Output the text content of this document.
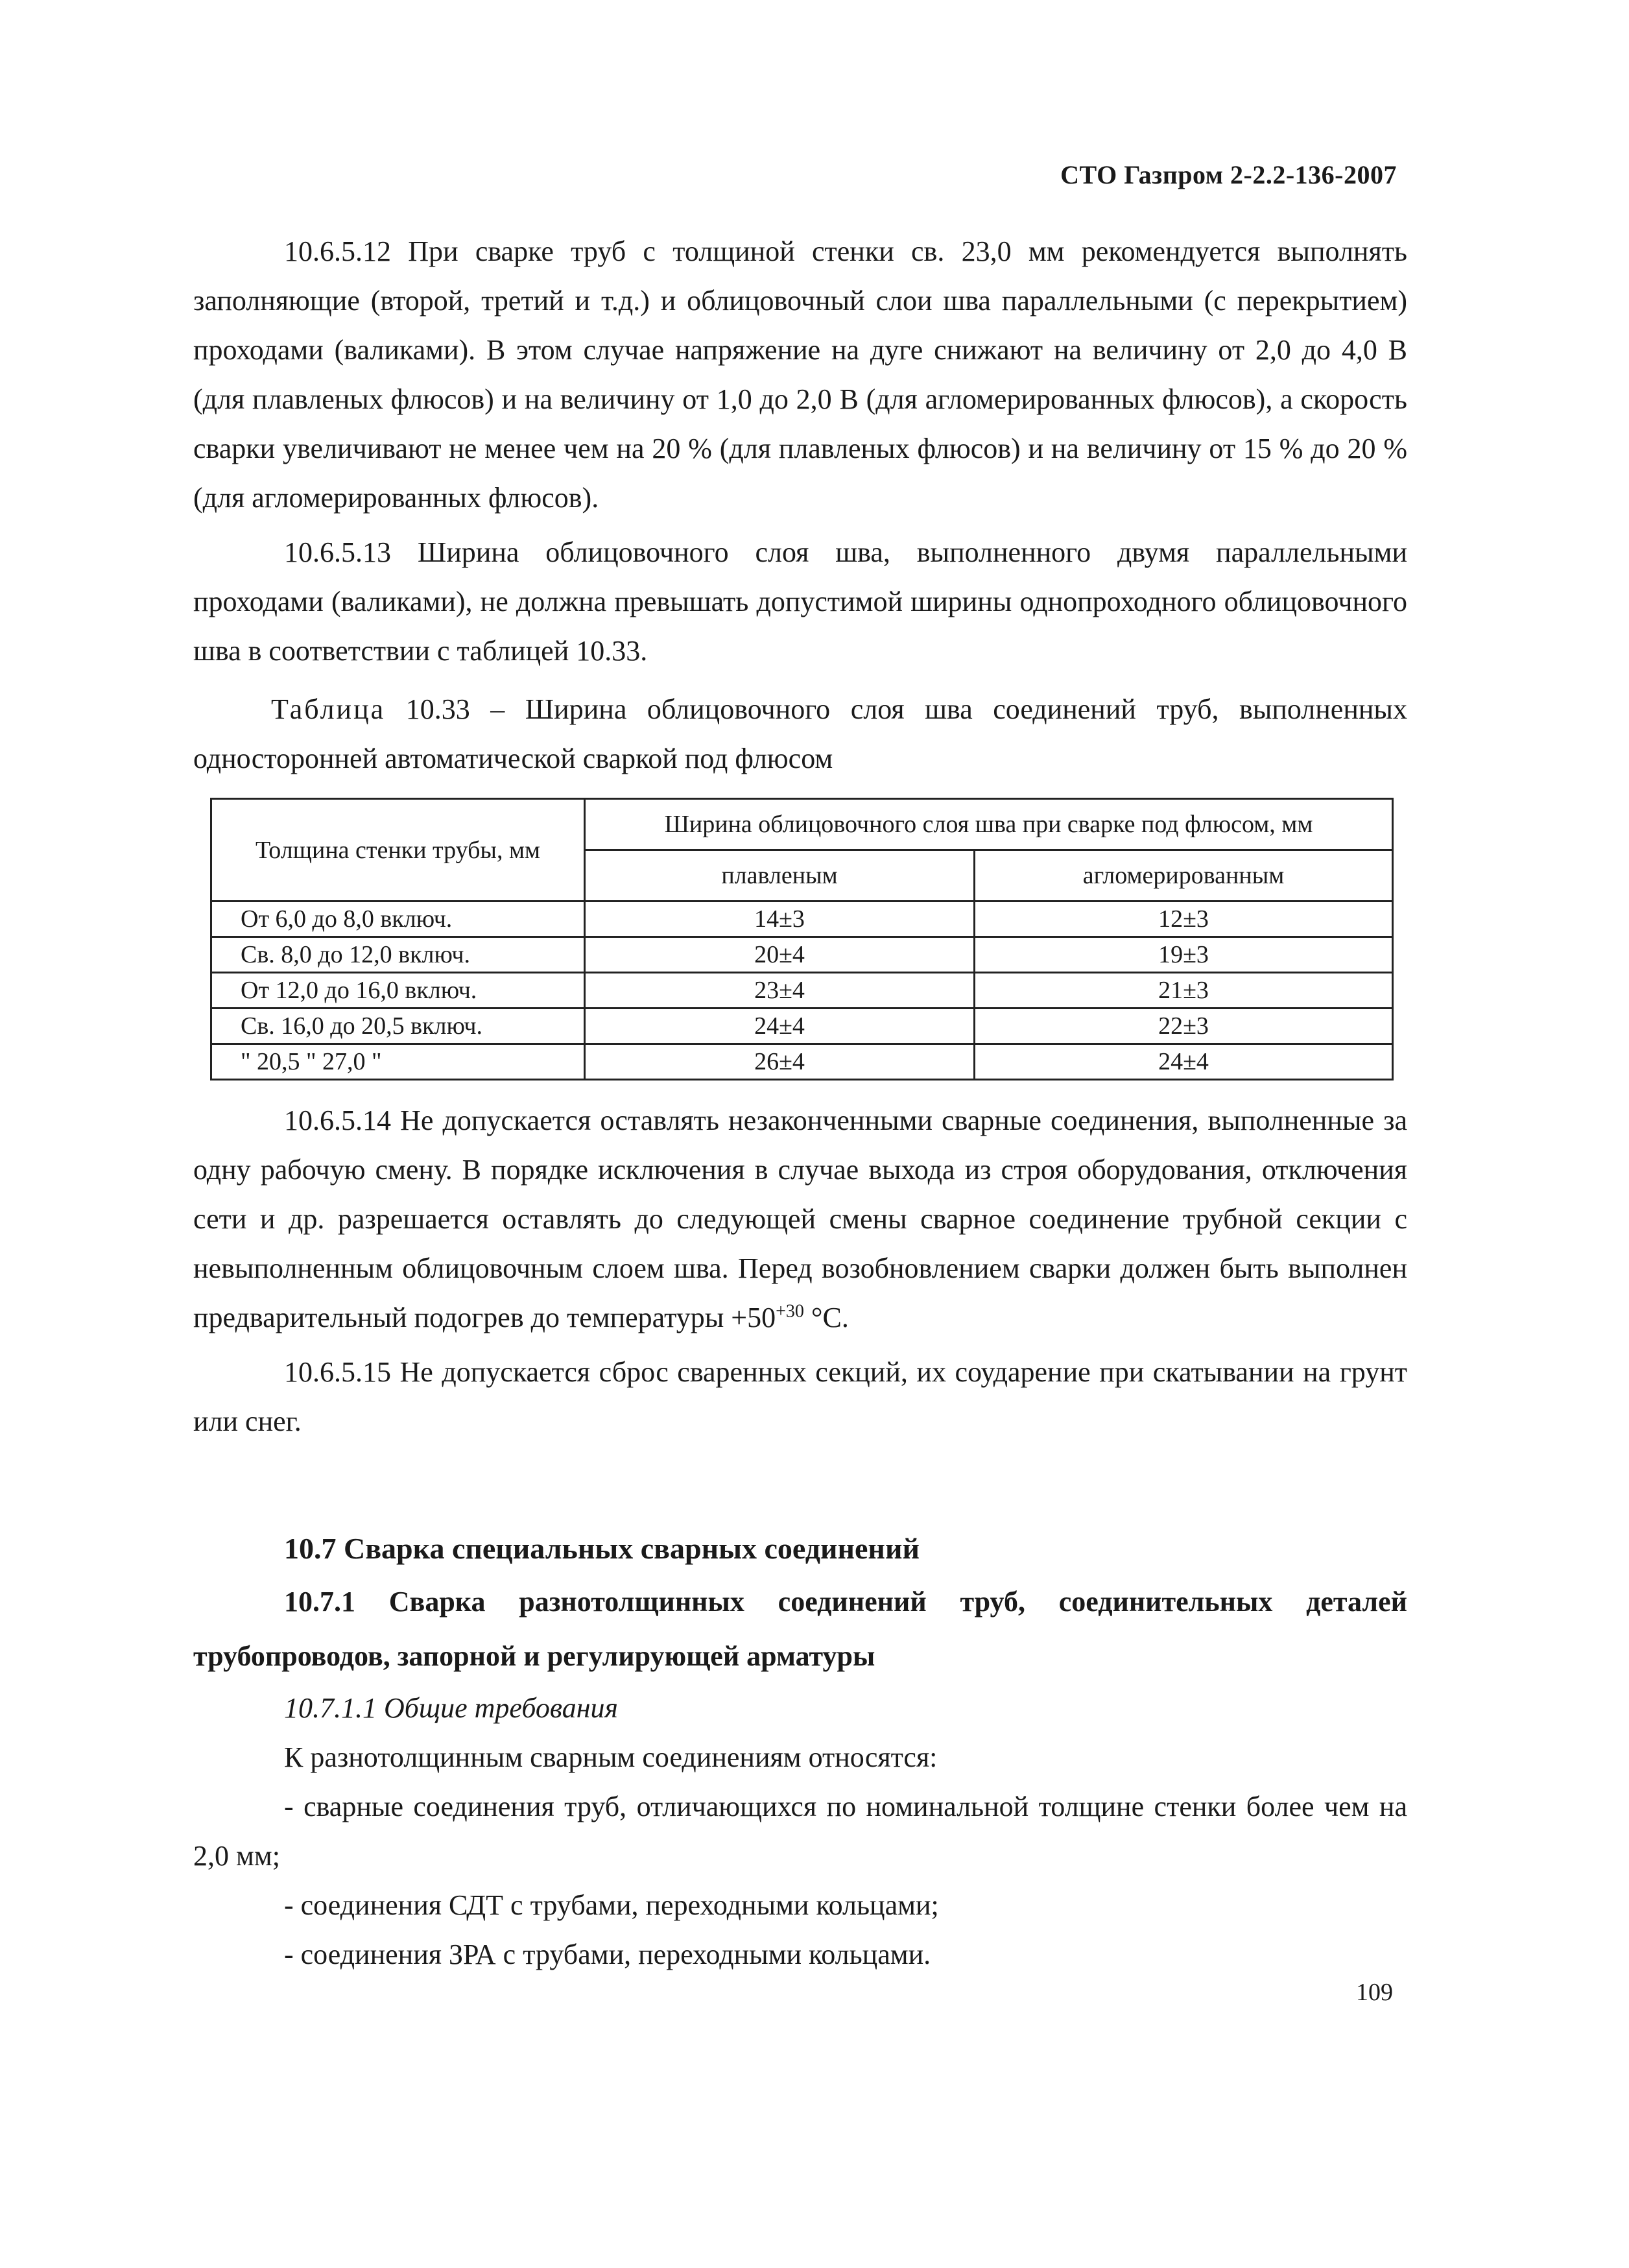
СТО Газпром 2-2.2-136-2007

10.6.5.12 При сварке труб с толщиной стенки св. 23,0 мм рекомендуется выполнять заполняющие (второй, третий и т.д.) и облицовочный слои шва параллельными (с перекрытием) проходами (валиками). В этом случае напряжение на дуге снижают на величину от 2,0 до 4,0 В (для плавленых флюсов) и на величину от 1,0 до 2,0 В (для агломерированных флюсов), а скорость сварки увеличивают не менее чем на 20 % (для плавленых флюсов) и на величину от 15 % до 20 % (для агломерированных флюсов).

10.6.5.13 Ширина облицовочного слоя шва, выполненного двумя параллельными проходами (валиками), не должна превышать допустимой ширины однопроходного облицовочного шва в соответствии с таблицей 10.33.

Таблица 10.33 – Ширина облицовочного слоя шва соединений труб, выполненных односторонней автоматической сваркой под флюсом

Толщина стенки трубы, мм	Ширина облицовочного слоя шва при сварке под флюсом, мм	
	плавленым	агломерированным
От 6,0 до 8,0 включ.	14±3	12±3
Св. 8,0 до 12,0 включ.	20±4	19±3
От 12,0 до 16,0 включ.	23±4	21±3
Св. 16,0 до 20,5 включ.	24±4	22±3
" 20,5 " 27,0 "	26±4	24±4

10.6.5.14 Не допускается оставлять незаконченными сварные соединения, выполненные за одну рабочую смену. В порядке исключения в случае выхода из строя оборудования, отключения сети и др. разрешается оставлять до следующей смены сварное соединение трубной секции с невыполненным облицовочным слоем шва. Перед возобновлением сварки должен быть выполнен предварительный подогрев до температуры $+50^{+30}$ °С.

10.6.5.15 Не допускается сброс сваренных секций, их соударение при скатывании на грунт или снег.

10.7 Сварка специальных сварных соединений
10.7.1 Сварка разнотолщинных соединений труб, соединительных деталей трубопроводов, запорной и регулирующей арматуры

10.7.1.1 Общие требования

К разнотолщинным сварным соединениям относятся:

- сварные соединения труб, отличающихся по номинальной толщине стенки более чем на 2,0 мм;

- соединения СДТ с трубами, переходными кольцами;

- соединения ЗРА с трубами, переходными кольцами.

109
